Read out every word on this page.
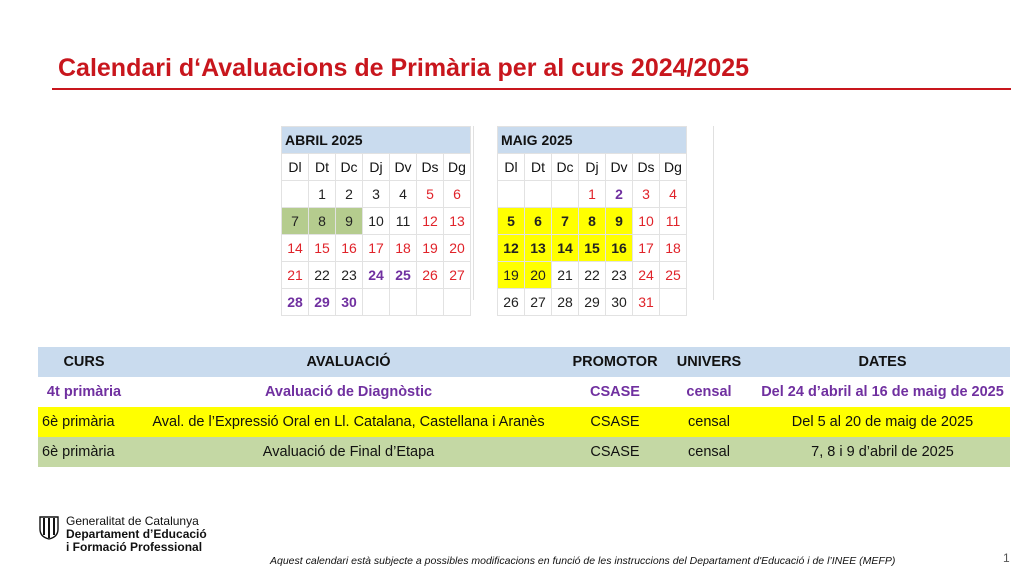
Calendari d‘Avaluacions de Primària per al curs 2024/2025
ABRIL 2025						
Dl	Dt	Dc	Dj	Dv	Ds	Dg
	1	2	3	4	5	6
7	8	9	10	11	12	13
14	15	16	17	18	19	20
21	22	23	24	25	26	27
28	29	30				
MAIG 2025						
Dl	Dt	Dc	Dj	Dv	Ds	Dg
			1	2	3	4
5	6	7	8	9	10	11
12	13	14	15	16	17	18
19	20	21	22	23	24	25
26	27	28	29	30	31	
CURS	AVALUACIÓ	PROMOTOR	UNIVERS	DATES
4t primària	Avaluació de Diagnòstic	CSASE	censal	Del 24 d’abril al 16 de maig de 2025
6è primària	Aval. de l’Expressió Oral en Ll. Catalana, Castellana i Aranès	CSASE	censal	Del 5 al 20 de maig de 2025
6è primària	Avaluació de Final d’Etapa	CSASE	censal	7, 8 i 9 d’abril de 2025
Generalitat de Catalunya
Departament d’Educació
i Formació Professional
Aquest calendari està subjecte a possibles modificacions en funció de les instruccions del Departament d'Educació i de l’INEE (MEFP)	1
